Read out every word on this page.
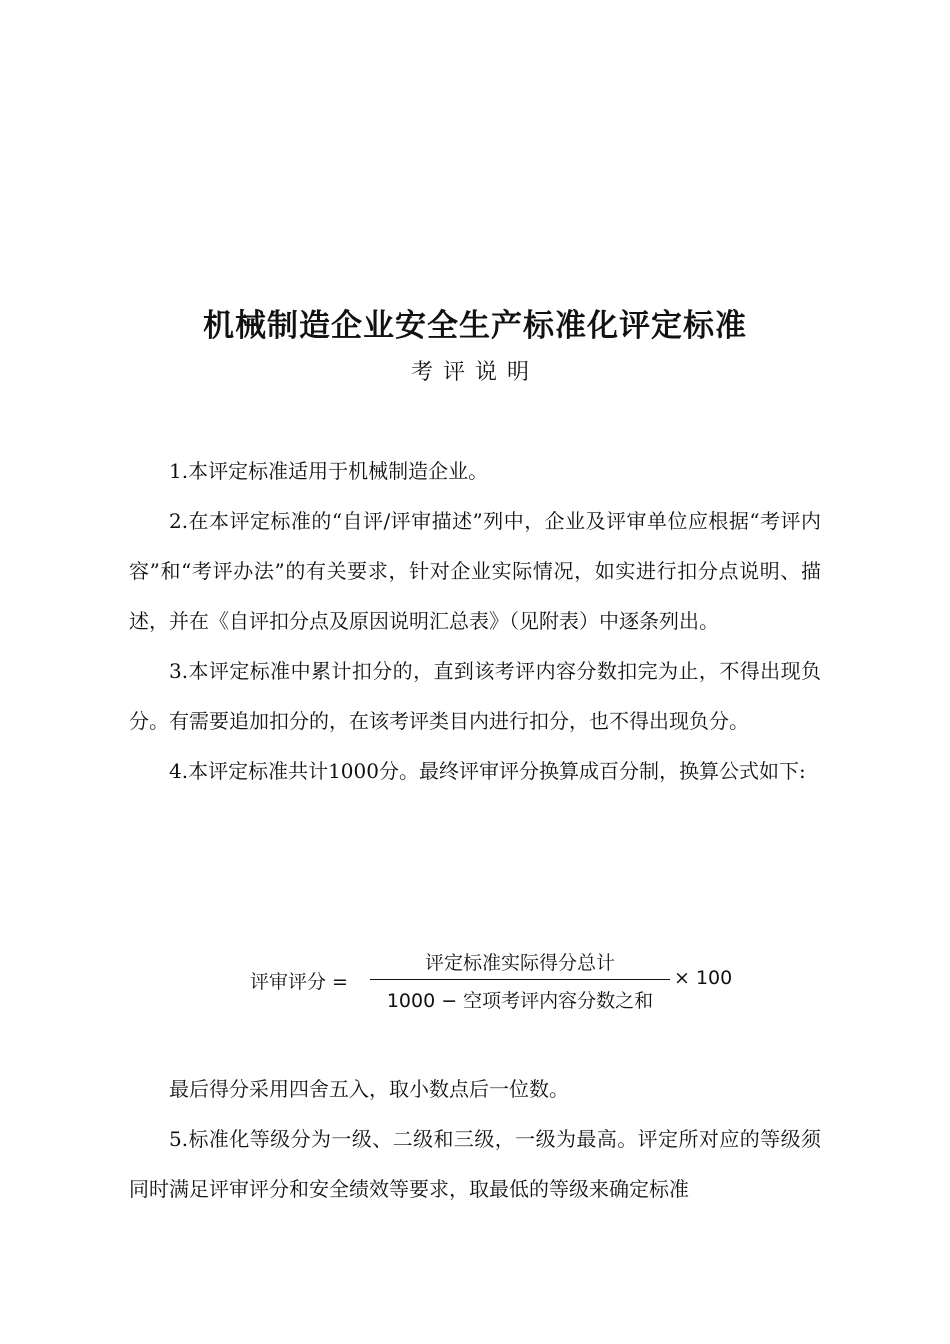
机械制造企业安全生产标准化评定标准
考评说明

1.本评定标准适用于机械制造企业。

2.在本评定标准的“自评/评审描述”列中，企业及评审单位应根据“考评内容”和“考评办法”的有关要求，针对企业实际情况，如实进行扣分点说明、描述，并在《自评扣分点及原因说明汇总表》（见附表）中逐条列出。

3.本评定标准中累计扣分的，直到该考评内容分数扣完为止，不得出现负分。有需要追加扣分的，在该考评类目内进行扣分，也不得出现负分。

4.本评定标准共计1000分。最终评审评分换算成百分制，换算公式如下:

评审评分 =
评定标准实际得分总计
1000 − 空项考评内容分数之和
× 100

最后得分采用四舍五入，取小数点后一位数。

5.标准化等级分为一级、二级和三级，一级为最高。评定所对应的等级须同时满足评审评分和安全绩效等要求，取最低的等级来确定标准
